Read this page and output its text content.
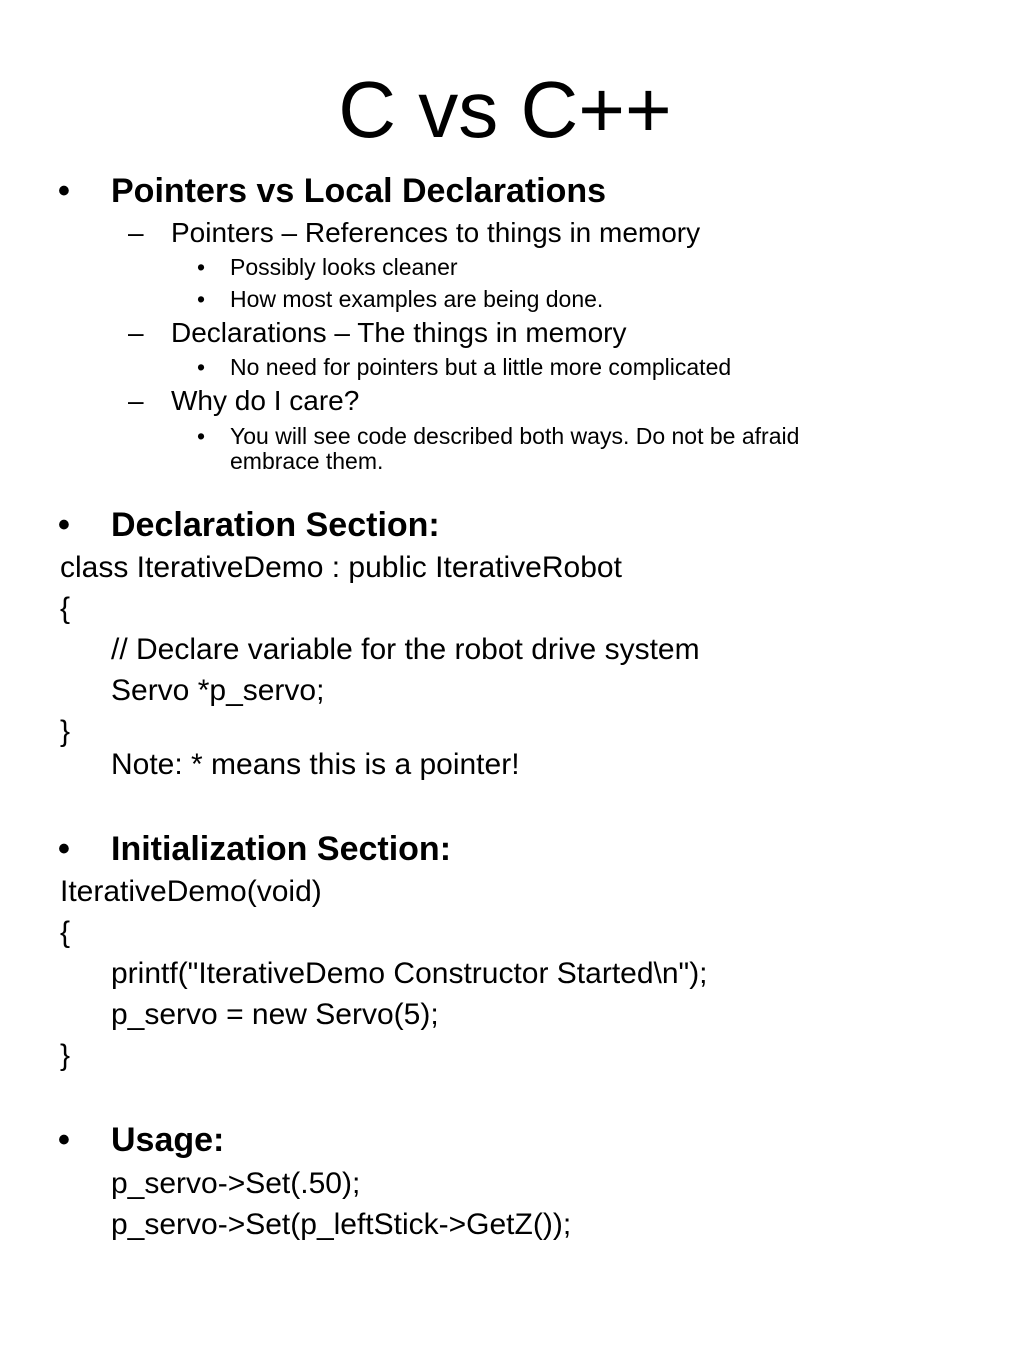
C vs C++
• Pointers vs Local Declarations
– Pointers – References to things in memory
• Possibly looks cleaner
• How most examples are being done.
– Declarations – The things in memory
• No need for pointers but a little more complicated
– Why do I care?
• You will see code described both ways. Do not be afraid
embrace them.
• Declaration Section:
class IterativeDemo : public IterativeRobot
{
// Declare variable for the robot drive system
Servo *p_servo;
}
Note: * means this is a pointer!
• Initialization Section:
IterativeDemo(void)
{
printf("IterativeDemo Constructor Started\n");
p_servo = new Servo(5);
}
• Usage:
p_servo->Set(.50);
p_servo->Set(p_leftStick->GetZ());
